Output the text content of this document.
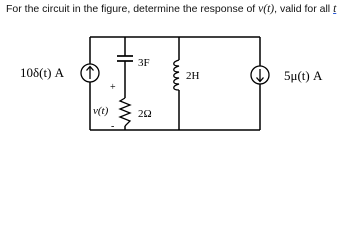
For the circuit in the figure, determine the response of v(t), valid for all t
10δ(t) A
3F
2Ω
+
v(t)
-
2H	5μ(t) A
